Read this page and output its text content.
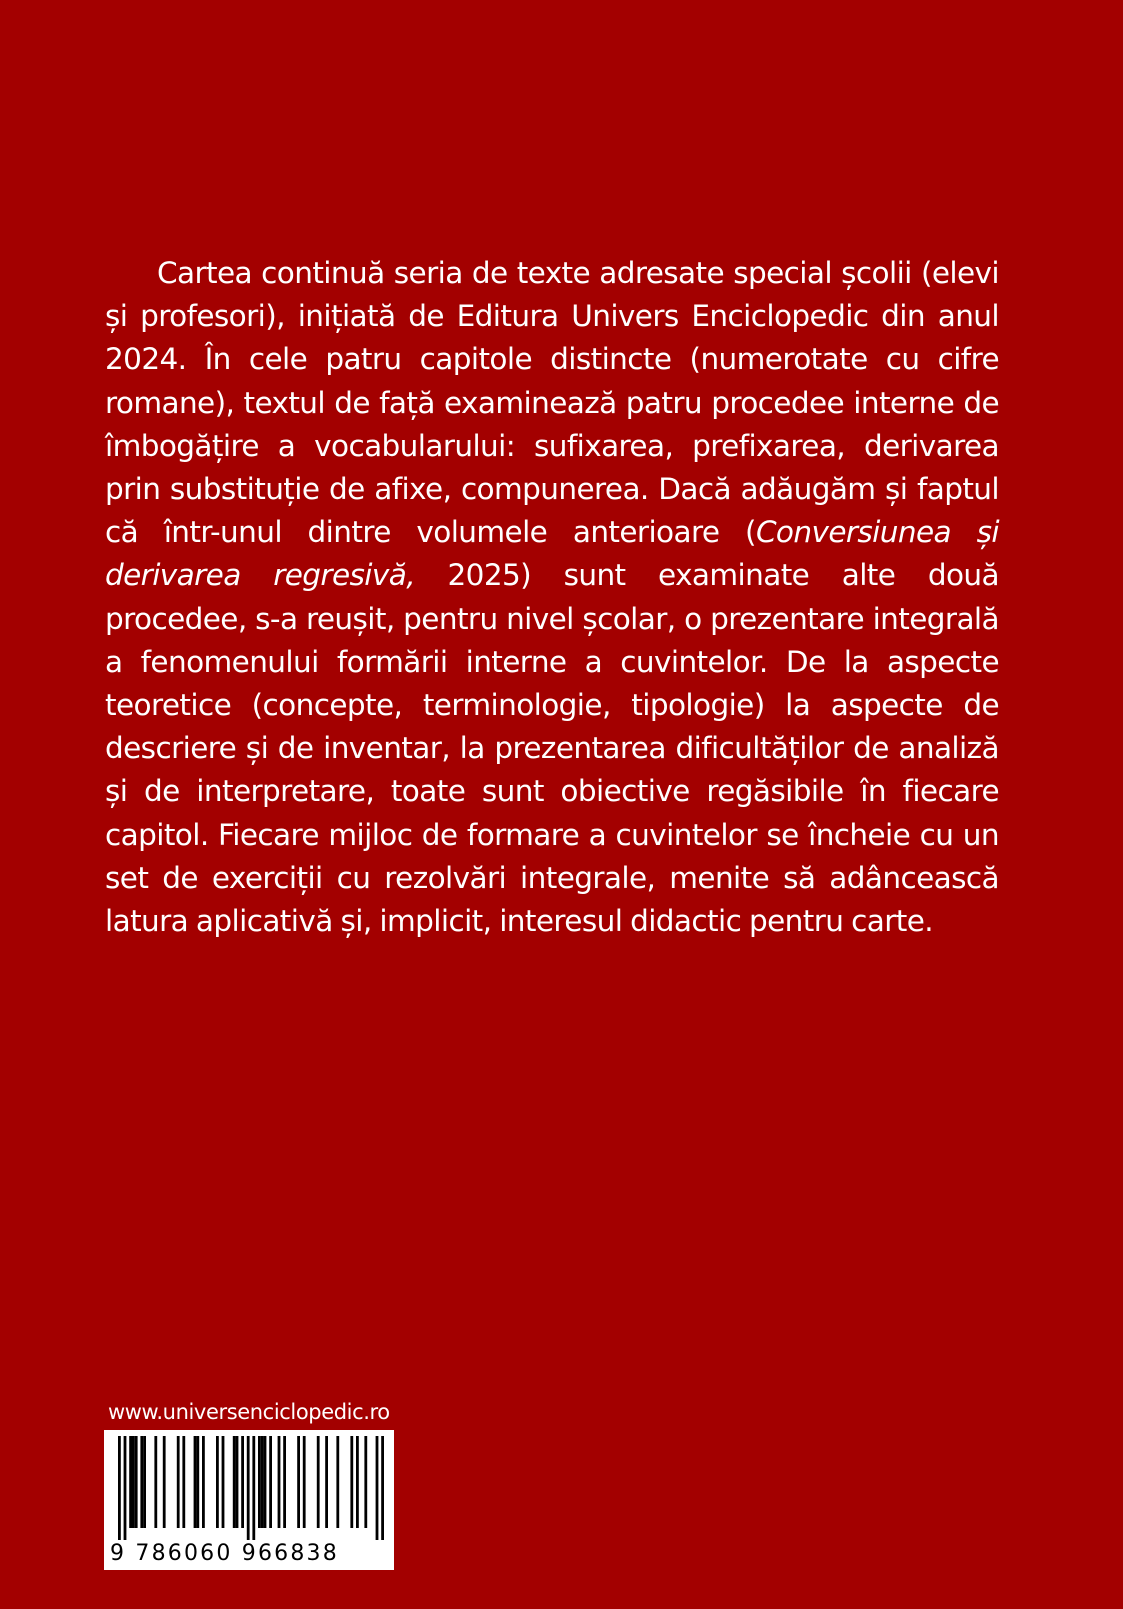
Cartea continuă seria de texte adresate special școlii (elevi și profesori), inițiată de Editura Univers Enciclopedic din anul 2024. În cele patru capitole distincte (numerotate cu cifre romane), textul de față examinează patru procedee interne de îmbogățire a vocabularului: sufixarea, prefixarea, derivarea prin substituție de afixe, compunerea. Dacă adăugăm și faptul că într-unul dintre volumele anterioare (Conversiunea și derivarea regresivă, 2025) sunt examinate alte două procedee, s-a reușit, pentru nivel școlar, o prezentare integrală a fenomenului formării interne a cuvintelor. De la aspecte teoretice (concepte, terminologie, tipologie) la aspecte de descriere și de inventar, la prezentarea dificultăților de analiză și de interpretare, toate sunt obiective regăsibile în fiecare capitol. Fiecare mijloc de formare a cuvintelor se încheie cu un set de exerciții cu rezolvări integrale, menite să adâncească latura aplicativă și, implicit, interesul didactic pentru carte.

www.universenciclopedic.ro
9 786060 966838
